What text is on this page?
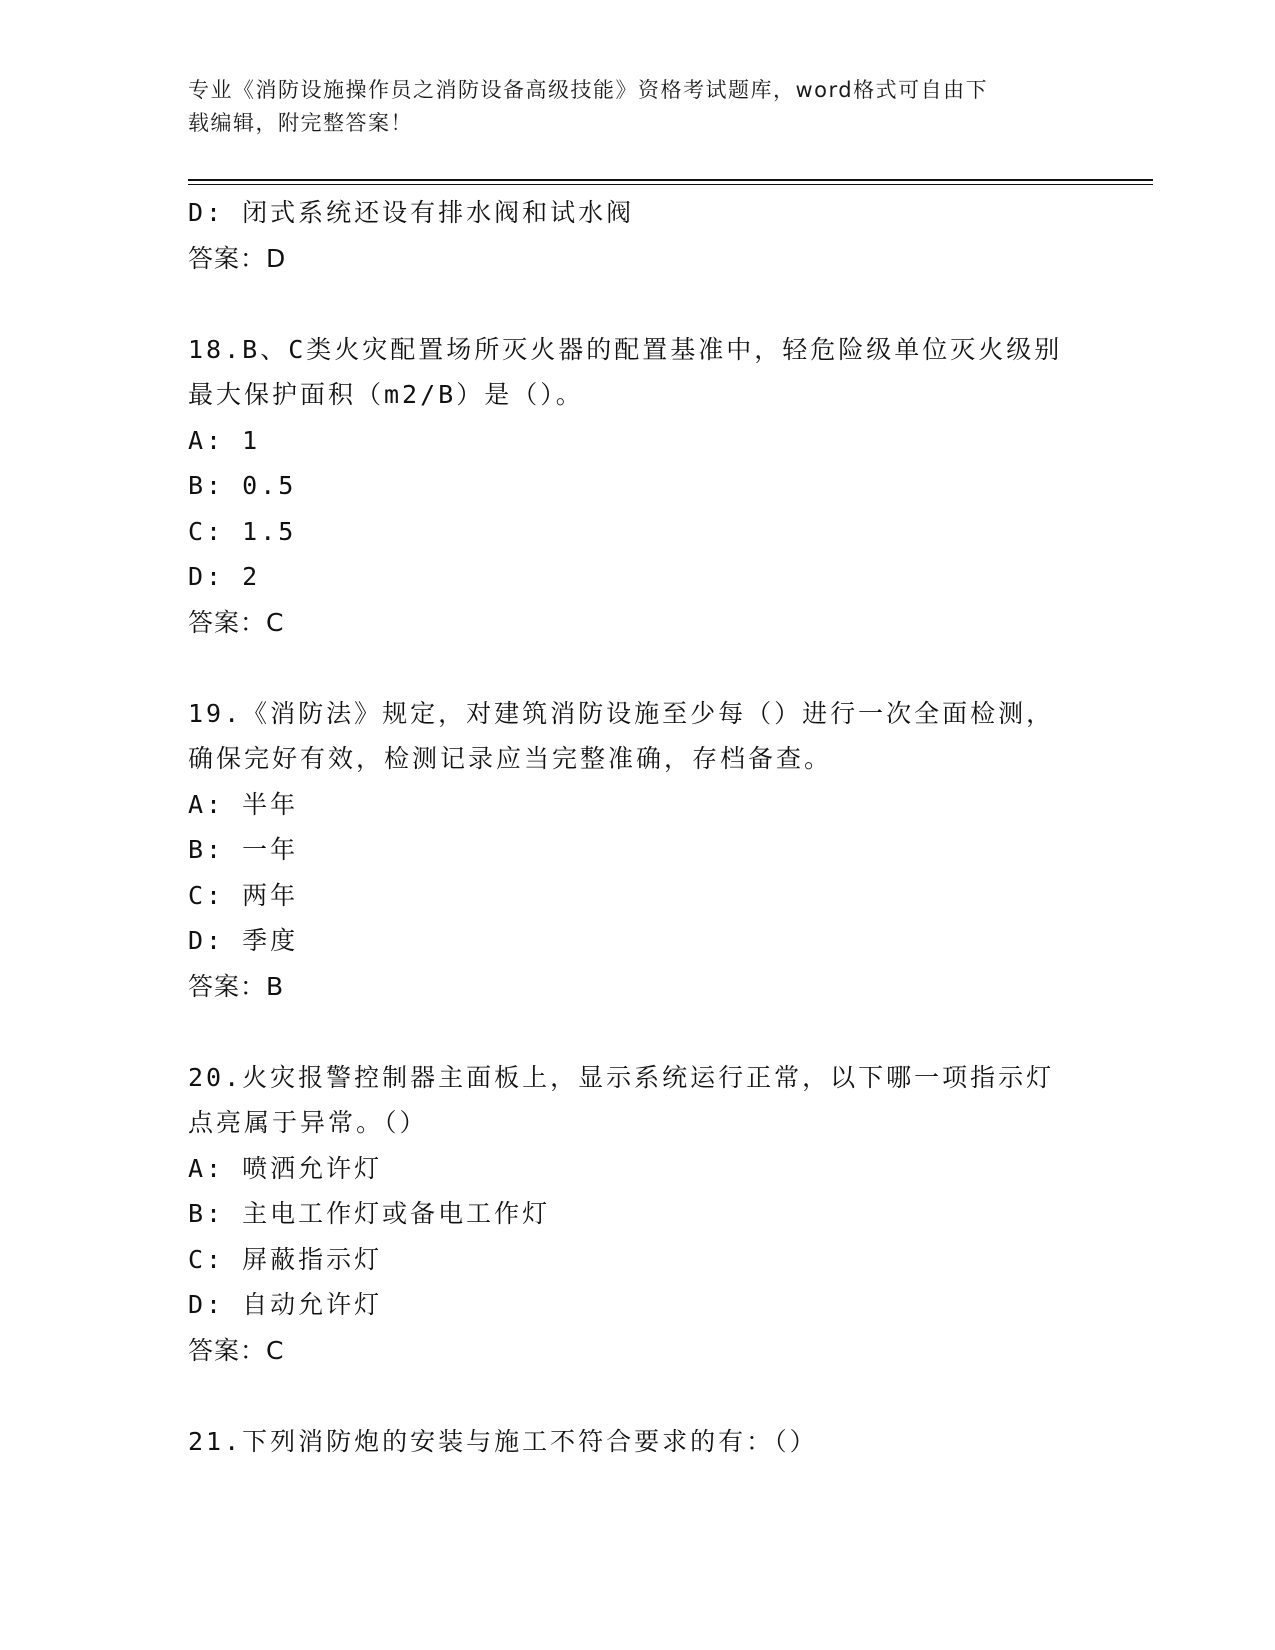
专业《消防设施操作员之消防设备高级技能》资格考试题库，word格式可自由下
载编辑，附完整答案！
D: 闭式系统还设有排水阀和试水阀
答案：D
18.B、C类火灾配置场所灭火器的配置基准中，轻危险级单位灭火级别
最大保护面积（m2/B）是（）。
A: 1
B: 0.5
C: 1.5
D: 2
答案：C
19.《消防法》规定，对建筑消防设施至少每（）进行一次全面检测，
确保完好有效，检测记录应当完整准确，存档备查。
A: 半年
B: 一年
C: 两年
D: 季度
答案：B
20.火灾报警控制器主面板上，显示系统运行正常，以下哪一项指示灯
点亮属于异常。（）
A: 喷洒允许灯
B: 主电工作灯或备电工作灯
C: 屏蔽指示灯
D: 自动允许灯
答案：C
21.下列消防炮的安装与施工不符合要求的有：（）
